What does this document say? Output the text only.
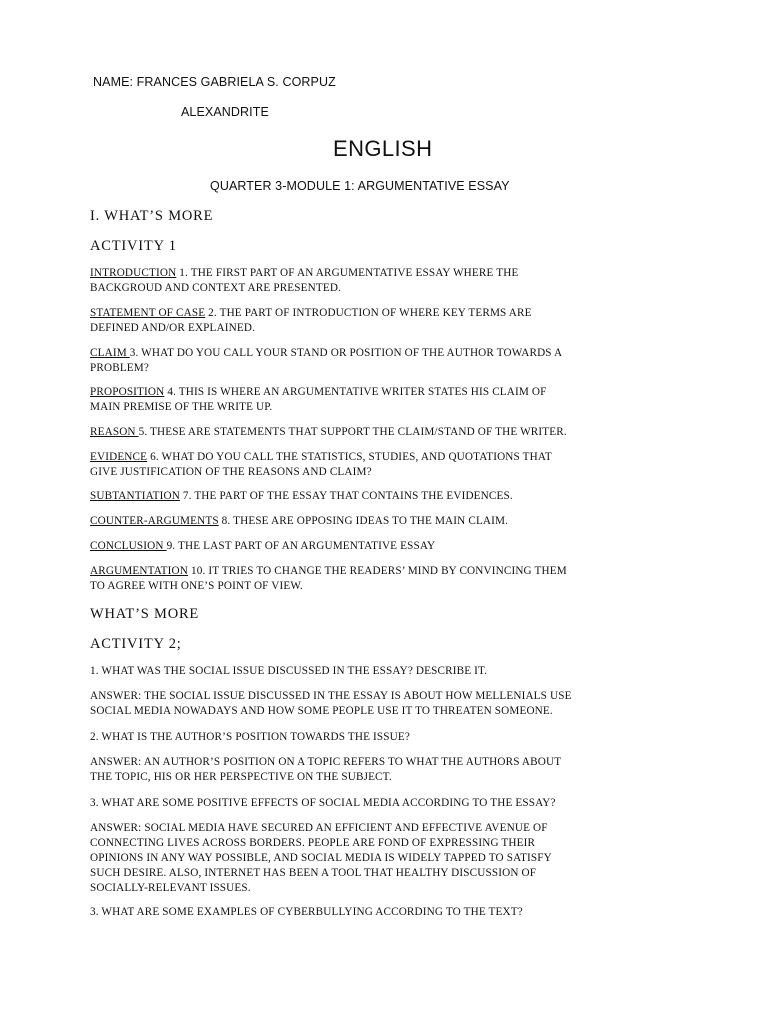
NAME: FRANCES GABRIELA S. CORPUZ
ALEXANDRITE
ENGLISH
QUARTER 3-MODULE 1: ARGUMENTATIVE ESSAY
I. WHAT’S MORE
ACTIVITY 1
INTRODUCTION 1. THE FIRST PART OF AN ARGUMENTATIVE ESSAY WHERE THE
BACKGROUD AND CONTEXT ARE PRESENTED.
STATEMENT OF CASE 2. THE PART OF INTRODUCTION OF WHERE KEY TERMS ARE
DEFINED AND/OR EXPLAINED.
CLAIM 3. WHAT DO YOU CALL YOUR STAND OR POSITION OF THE AUTHOR TOWARDS A
PROBLEM?
PROPOSITION 4. THIS IS WHERE AN ARGUMENTATIVE WRITER STATES HIS CLAIM OF
MAIN PREMISE OF THE WRITE UP.
REASON 5. THESE ARE STATEMENTS THAT SUPPORT THE CLAIM/STAND OF THE WRITER.
EVIDENCE 6. WHAT DO YOU CALL THE STATISTICS, STUDIES, AND QUOTATIONS THAT
GIVE JUSTIFICATION OF THE REASONS AND CLAIM?
SUBTANTIATION 7. THE PART OF THE ESSAY THAT CONTAINS THE EVIDENCES.
COUNTER-ARGUMENTS 8. THESE ARE OPPOSING IDEAS TO THE MAIN CLAIM.
CONCLUSION 9. THE LAST PART OF AN ARGUMENTATIVE ESSAY
ARGUMENTATION 10. IT TRIES TO CHANGE THE READERS’ MIND BY CONVINCING THEM
TO AGREE WITH ONE’S POINT OF VIEW.
WHAT’S MORE
ACTIVITY 2;
1. WHAT WAS THE SOCIAL ISSUE DISCUSSED IN THE ESSAY? DESCRIBE IT.
ANSWER: THE SOCIAL ISSUE DISCUSSED IN THE ESSAY IS ABOUT HOW MELLENIALS USE
SOCIAL MEDIA NOWADAYS AND HOW SOME PEOPLE USE IT TO THREATEN SOMEONE.
2. WHAT IS THE AUTHOR’S POSITION TOWARDS THE ISSUE?
ANSWER: AN AUTHOR’S POSITION ON A TOPIC REFERS TO WHAT THE AUTHORS ABOUT
THE TOPIC, HIS OR HER PERSPECTIVE ON THE SUBJECT.
3. WHAT ARE SOME POSITIVE EFFECTS OF SOCIAL MEDIA ACCORDING TO THE ESSAY?
ANSWER: SOCIAL MEDIA HAVE SECURED AN EFFICIENT AND EFFECTIVE AVENUE OF
CONNECTING LIVES ACROSS BORDERS. PEOPLE ARE FOND OF EXPRESSING THEIR
OPINIONS IN ANY WAY POSSIBLE, AND SOCIAL MEDIA IS WIDELY TAPPED TO SATISFY
SUCH DESIRE. ALSO, INTERNET HAS BEEN A TOOL THAT HEALTHY DISCUSSION OF
SOCIALLY-RELEVANT ISSUES.
3. WHAT ARE SOME EXAMPLES OF CYBERBULLYING ACCORDING TO THE TEXT?
